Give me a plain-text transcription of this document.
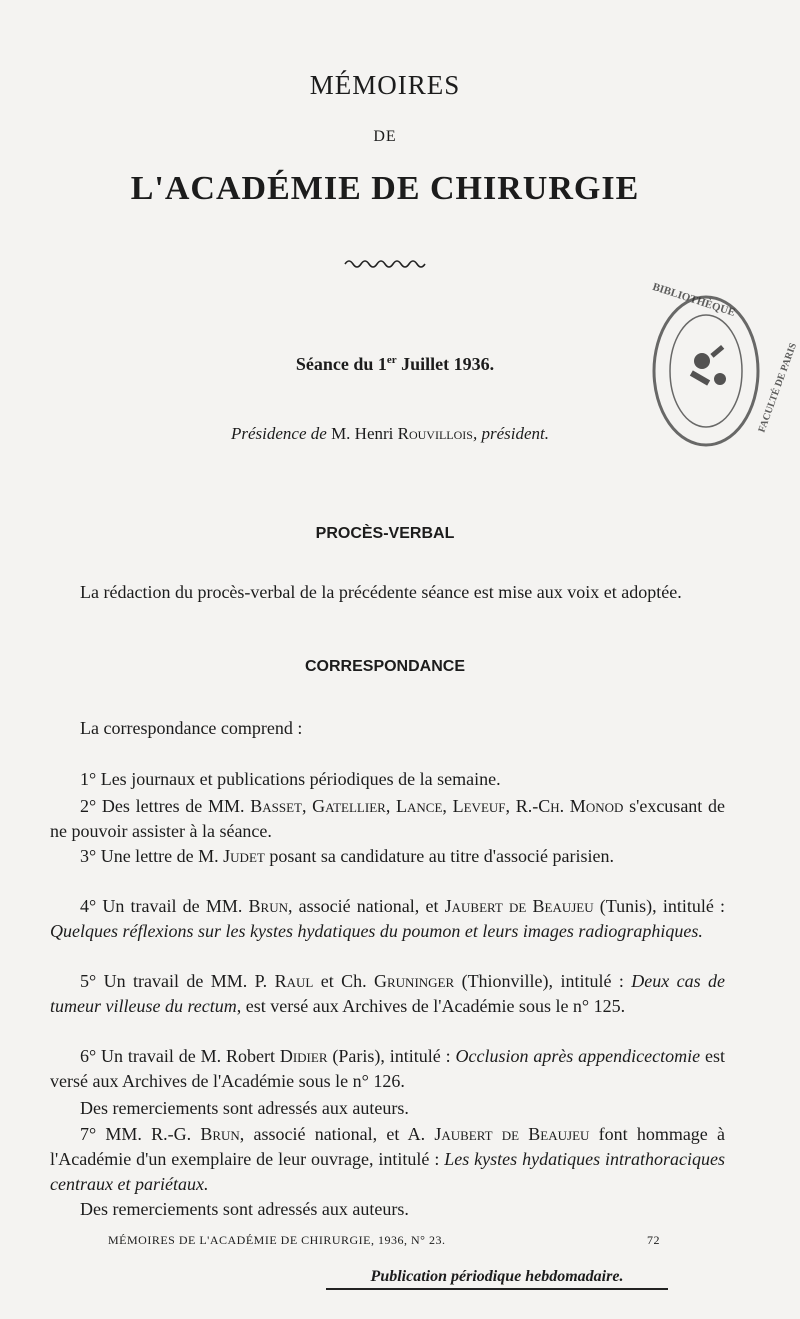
MÉMOIRES
DE
L'ACADÉMIE DE CHIRURGIE
BIBLIOTHÈQUE
FACULTÉ DE PARIS
Séance du 1er Juillet 1936.
Présidence de M. Henri Rouvillois, président.
PROCÈS-VERBAL
La rédaction du procès-verbal de la précédente séance est mise aux voix et adoptée.
CORRESPONDANCE
La correspondance comprend :
1° Les journaux et publications périodiques de la semaine.
2° Des lettres de MM. Basset, Gatellier, Lance, Leveuf, R.-Ch. Monod s'excusant de ne pouvoir assister à la séance.
3° Une lettre de M. Judet posant sa candidature au titre d'associé parisien.
4° Un travail de MM. Brun, associé national, et Jaubert de Beaujeu (Tunis), intitulé : Quelques réflexions sur les kystes hydatiques du poumon et leurs images radiographiques.
5° Un travail de MM. P. Raul et Ch. Gruninger (Thionville), intitulé : Deux cas de tumeur villeuse du rectum, est versé aux Archives de l'Académie sous le n° 125.
6° Un travail de M. Robert Didier (Paris), intitulé : Occlusion après appendicectomie est versé aux Archives de l'Académie sous le n° 126.
Des remerciements sont adressés aux auteurs.
7° MM. R.-G. Brun, associé national, et A. Jaubert de Beaujeu font hommage à l'Académie d'un exemplaire de leur ouvrage, intitulé : Les kystes hydatiques intrathoraciques centraux et pariétaux.
Des remerciements sont adressés aux auteurs.
MÉMOIRES DE L'ACADÉMIE DE CHIRURGIE, 1936, N° 23.	72
Publication périodique hebdomadaire.
